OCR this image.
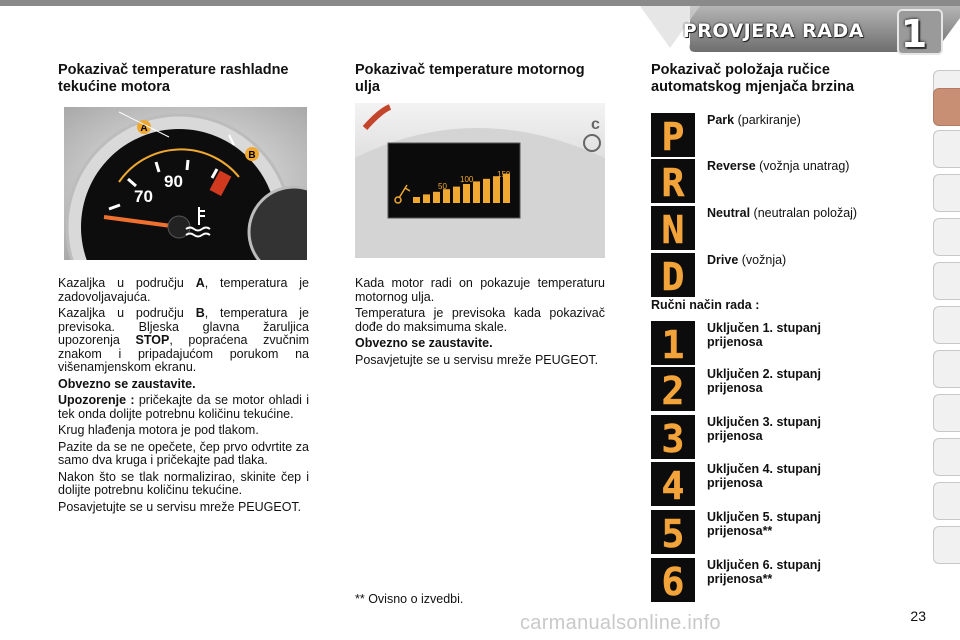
PROVJERA RADA 1
Pokazivač temperature rashladne tekućine motora
Pokazivač temperature motornog ulja
Pokazivač položaja ručice automatskog mjenjača brzina
A
B
70
90
c
50
100
150

Kazaljka u području A, temperatura je zadovoljavajuća.

Kazaljka u području B, temperatura je previsoka. Bljeska glavna žaruljica upozorenja STOP, popraćena zvučnim znakom i pripadajućom porukom na višenamjenskom ekranu.

Obvezno se zaustavite.

Upozorenje : pričekajte da se motor ohladi i tek onda dolijte potrebnu količinu tekućine.

Krug hlađenja motora je pod tlakom.

Pazite da se ne opečete, čep prvo odvrtite za samo dva kruga i pričekajte pad tlaka.

Nakon što se tlak normalizirao, skinite čep i dolijte potrebnu količinu tekućine.

Posavjetujte se u servisu mreže PEUGEOT.

Kada motor radi on pokazuje temperaturu motornog ulja.

Temperatura je previsoka kada pokazivač dođe do maksimuma skale.

Obvezno se zaustavite.

Posavjetujte se u servisu mreže PEUGEOT.

P Park (parkiranje)
R Reverse (vožnja unatrag)
N Neutral (neutralan položaj)
D Drive (vožnja)
Ručni način rada :
1 Uključen 1. stupanj prijenosa
2 Uključen 2. stupanj prijenosa
3 Uključen 3. stupanj prijenosa
4 Uključen 4. stupanj prijenosa
5 Uključen 5. stupanj prijenosa**
6 Uključen 6. stupanj prijenosa**
** Ovisno o izvedbi.
carmanualsonline.info	23
